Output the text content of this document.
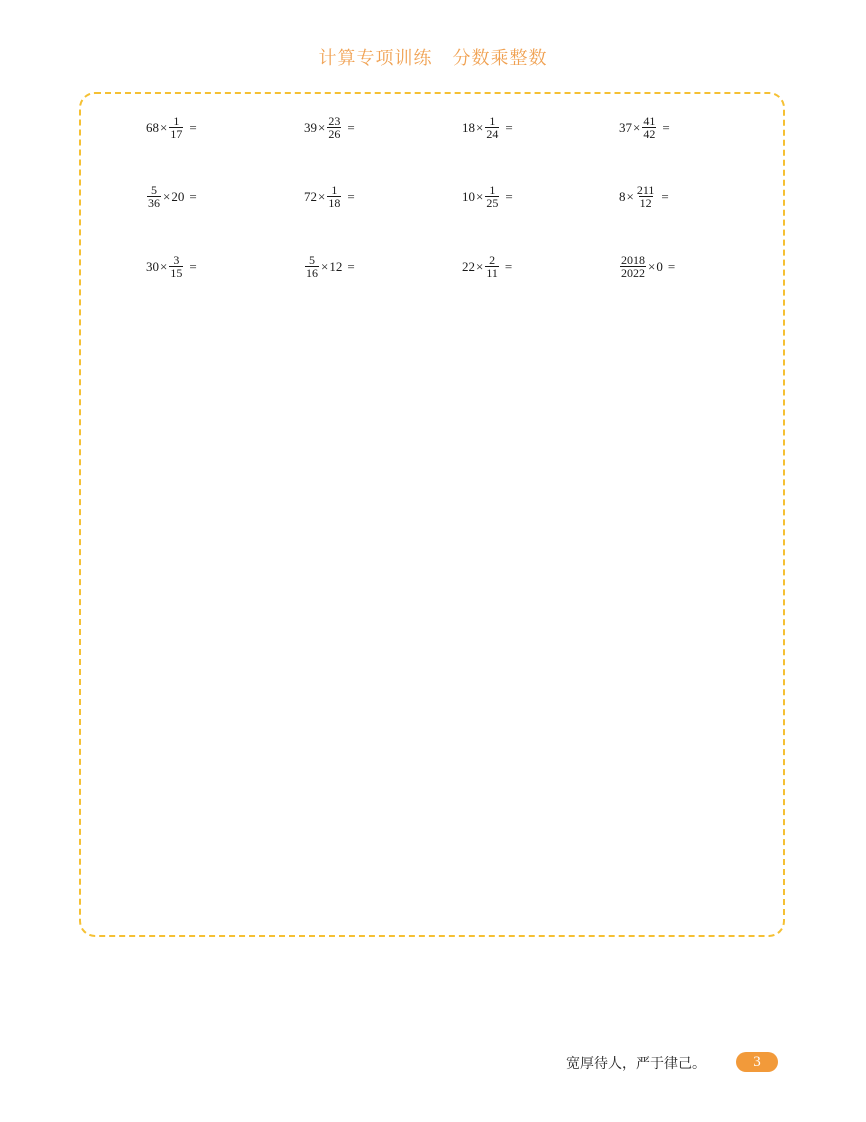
计算专项训练 分数乘整数
$68 \times \frac{1}{17}$ =	$39 \times \frac{23}{26}$ =	$18 \times \frac{1}{24}$ =	$37 \times \frac{41}{42}$ =
$\frac{5}{36} \times 20$ =	$72 \times \frac{1}{18}$ =	$10 \times \frac{1}{25}$ =	$8 \times \frac{211}{12}$ =
$30 \times \frac{3}{15}$ =	$\frac{5}{16} \times 12$ =	$22 \times \frac{2}{11}$ =	$\frac{2018}{2022} \times 0$ =
宽厚待人，严于律己。	3
